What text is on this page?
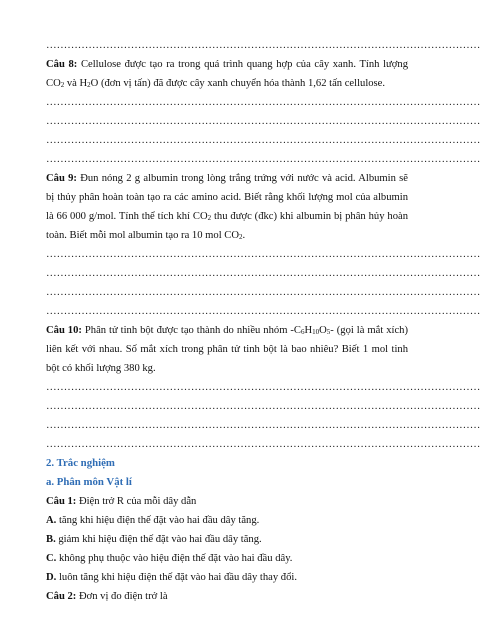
……………………………………………………………………………………………………………
Câu 8: Cellulose được tạo ra trong quá trình quang hợp của cây xanh. Tính lượng $CO_2$ và $H_2O$ (đơn vị tấn) đã được cây xanh chuyển hóa thành 1,62 tấn cellulose.
……………………………………………………………………………………………………………
……………………………………………………………………………………………………………
……………………………………………………………………………………………………………
……………………………………………………………………………………………………………
Câu 9: Đun nóng 2 g albumin trong lòng trắng trứng với nước và acid. Albumin sẽ bị thủy phân hoàn toàn tạo ra các amino acid. Biết rằng khối lượng mol của albumin là 66 000 g/mol. Tính thể tích khí $CO_2$ thu được (đkc) khi albumin bị phân hủy hoàn toàn. Biết mỗi mol albumin tạo ra 10 mol $CO_2$.
……………………………………………………………………………………………………………
……………………………………………………………………………………………………………
……………………………………………………………………………………………………………
……………………………………………………………………………………………………………
Câu 10: Phân tử tinh bột được tạo thành do nhiều nhóm $-C_6H_{10}O_5-$ (gọi là mắt xích) liên kết với nhau. Số mắt xích trong phân tử tinh bột là bao nhiêu? Biết 1 mol tinh bột có khối lượng 380 kg.
……………………………………………………………………………………………………………
……………………………………………………………………………………………………………
……………………………………………………………………………………………………………
……………………………………………………………………………………………………………
2. Trắc nghiệm
a. Phân môn Vật lí
Câu 1: Điện trở R của mỗi dây dẫn
A. tăng khi hiệu điện thế đặt vào hai đầu dây tăng.
B. giảm khi hiệu điện thế đặt vào hai đầu dây tăng.
C. không phụ thuộc vào hiệu điện thế đặt vào hai đầu dây.
D. luôn tăng khi hiệu điện thế đặt vào hai đầu dây thay đổi.
Câu 2: Đơn vị đo điện trở là
